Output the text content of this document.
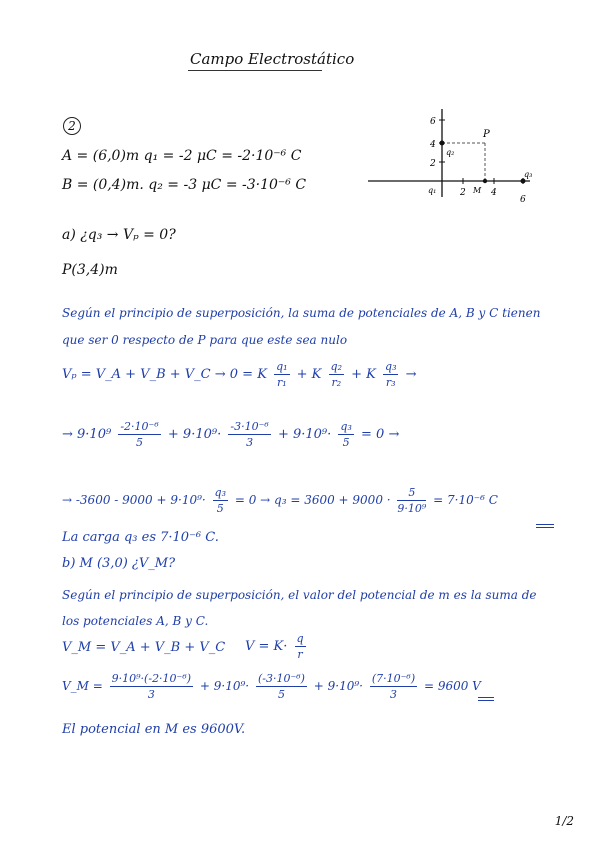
Campo Electrostático
2
A = (6,0)m q₁ = -2 μC = -2·10⁻⁶ C
B = (0,4)m. q₂ = -3 μC = -3·10⁻⁶ C
6
4
2
2	4
6
P
q₂
q₃
q₁	M
a) ¿q₃ → Vₚ = 0?
P(3,4)m
Según el principio de superposición, la suma de potenciales de A, B y C tienen
que ser 0 respecto de P para que este sea nulo
Vₚ = V_A + V_B + V_C → 0 = K $\frac{\text{q₁}}{\text{r₁}} + K \frac{\text{q₂}}{\text{r₂}} + K \frac{\text{q₃}}{\text{r₃}}$ →
→ $9\cdot 10^9 \frac{\text{-2·10⁻⁶}}{5} + 9\cdot 10^9\cdot \frac{\text{-3·10⁻⁶}}{3} + 9\cdot 10^9\cdot \frac{\text{q₃}}{5} = 0$ →
→ $-3600 - 9000 + 9\cdot 10^9\cdot \frac{\text{q₃}}{5} = 0 \to q_3 = 3600 + 9000 \cdot \frac{5}{\text{9·10⁹}} = 7\cdot 10^{-6}$ C
La carga q₃ es 7·10⁻⁶ C.
b) M (3,0) ¿V_M?
Según el principio de superposición, el valor del potencial de m es la suma de
los potenciales A, B y C.
V_M = V_A + V_B + V_C $V = K\cdot \frac{q}{r}$
V_M = $\frac{\text{9·10⁹·(-2·10⁻⁶)}}{3} + 9\cdot 10^9\cdot \frac{\text{(-3·10⁻⁶)}}{5} + 9\cdot 10^9\cdot \frac{\text{(7·10⁻⁶)}}{3} = 9600$ V
El potencial en M es 9600V.
1/2
